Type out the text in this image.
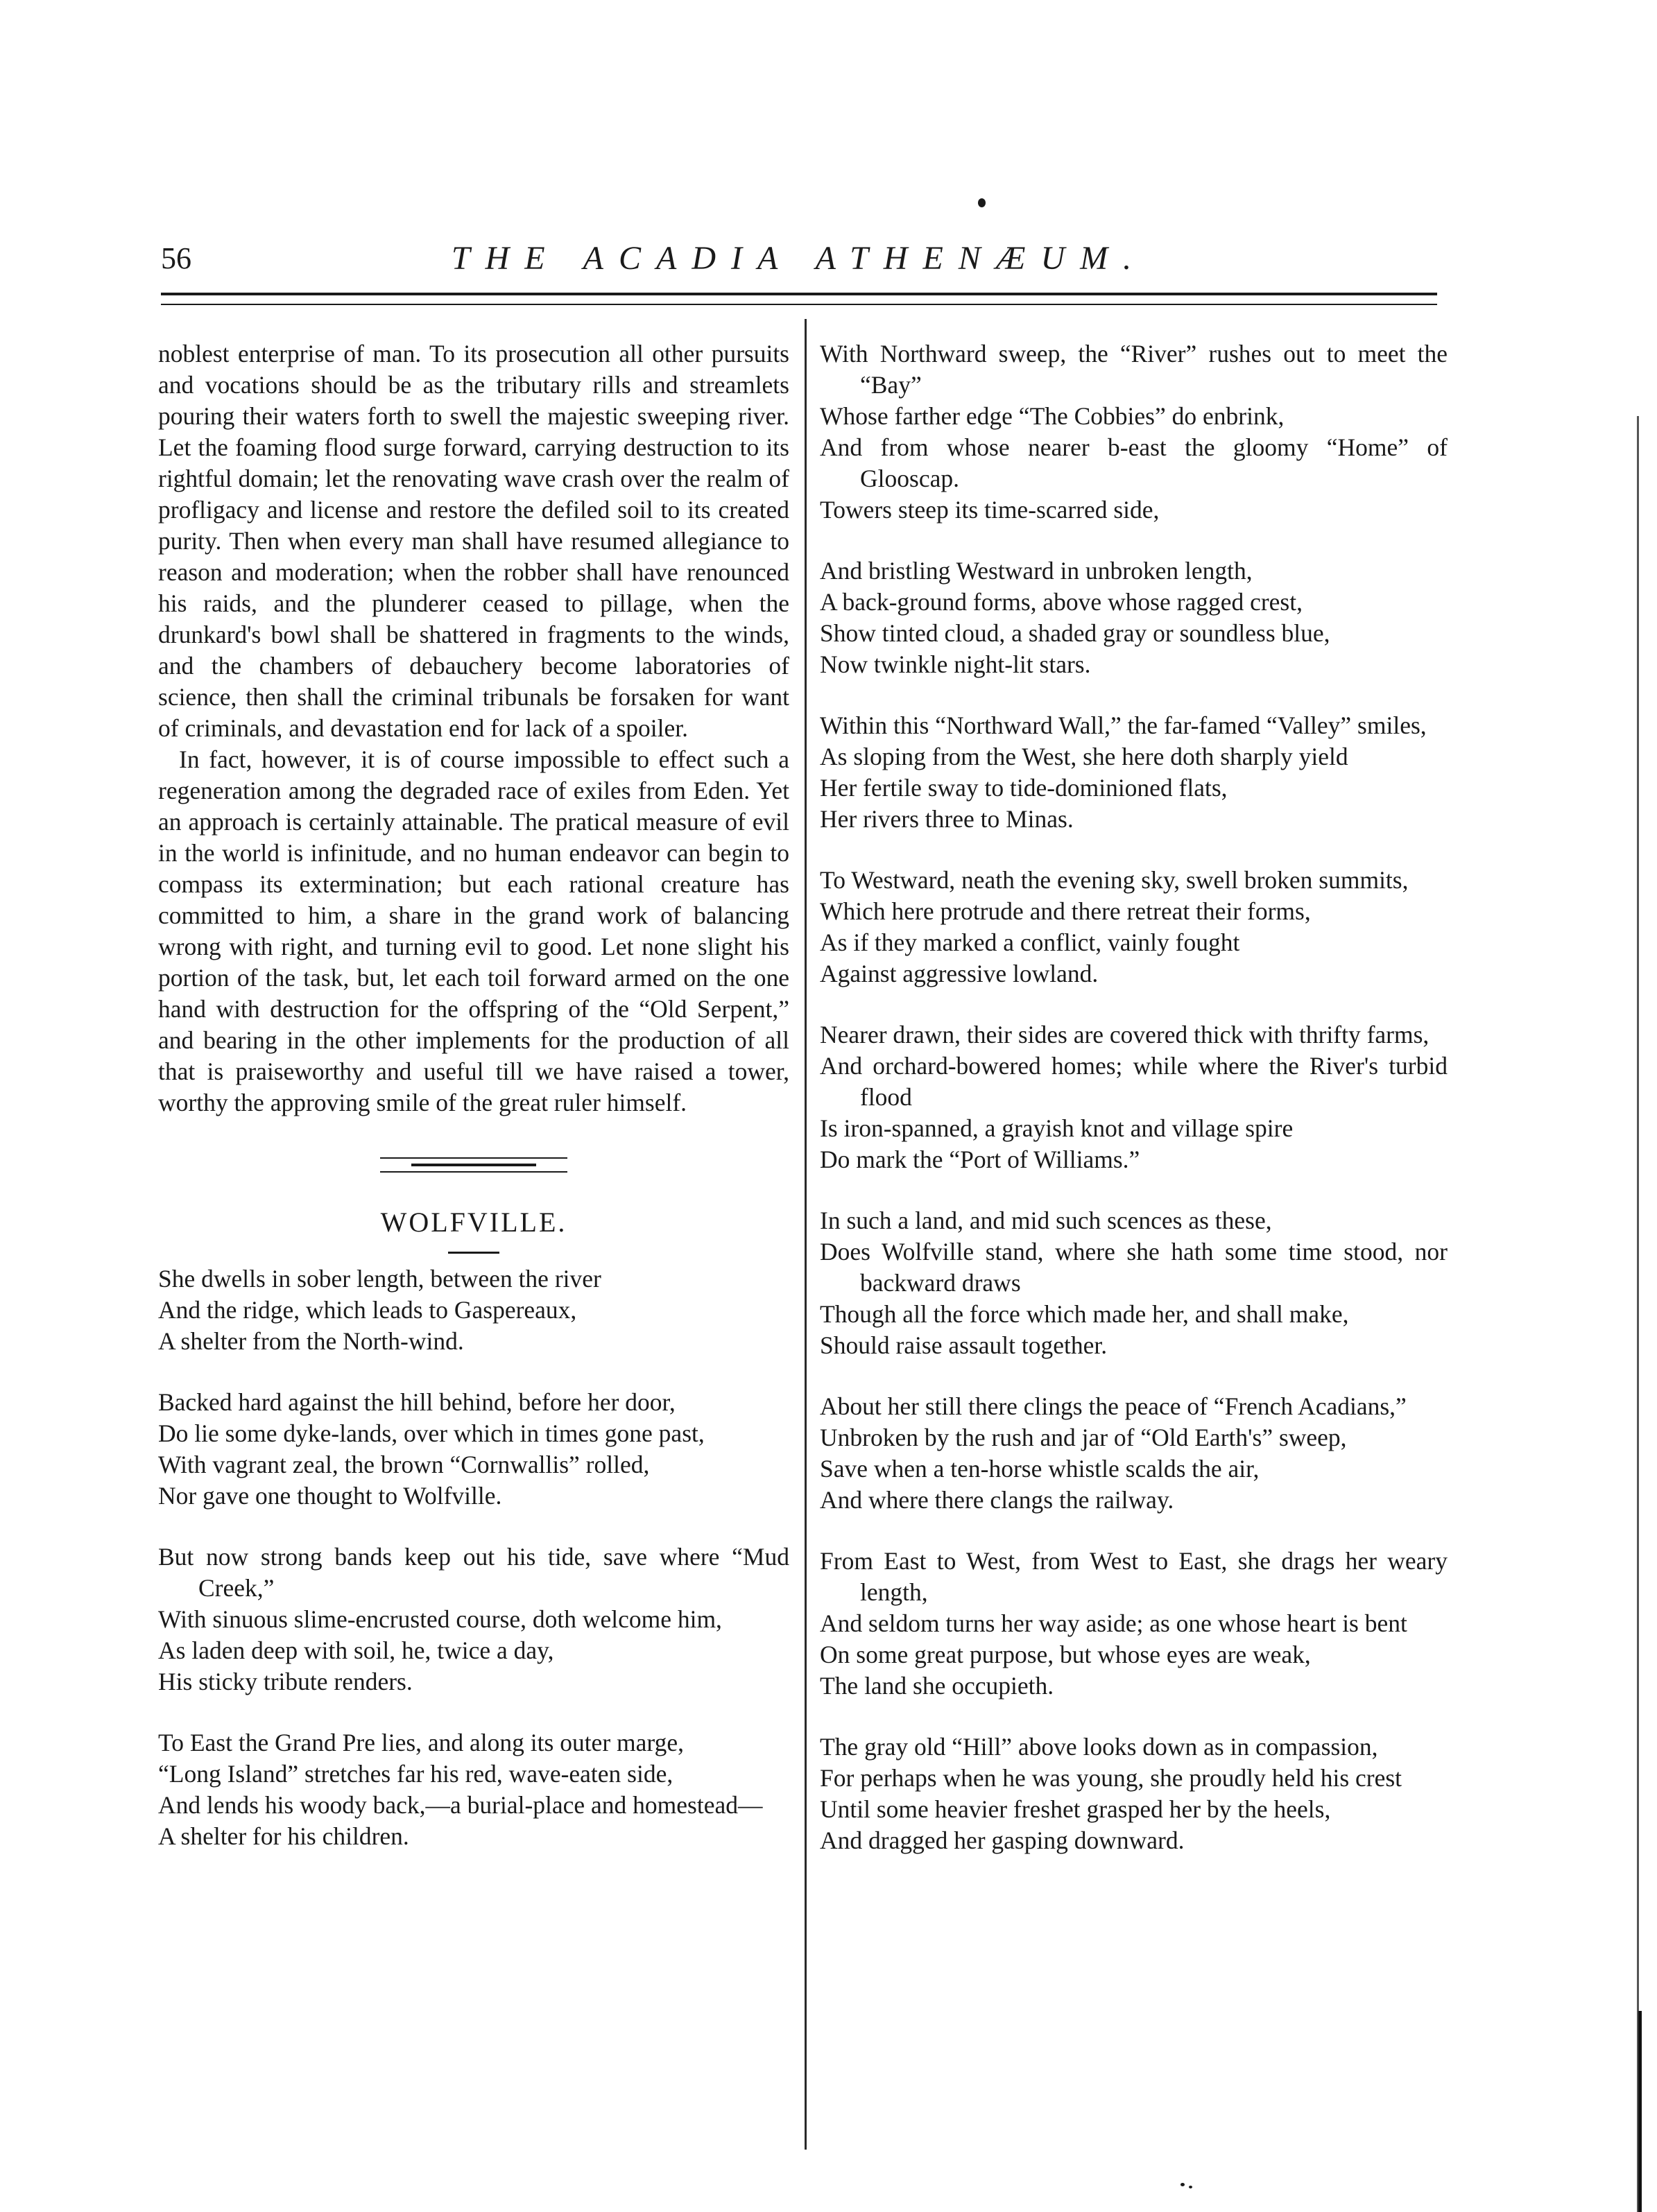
56	THE ACADIA ATHENÆUM.

noblest enterprise of man. To its prosecution all other pursuits and vocations should be as the tributary rills and streamlets pouring their waters forth to swell the majestic sweeping river. Let the foaming flood surge forward, carrying destruction to its rightful domain; let the renovating wave crash over the realm of profligacy and license and restore the defiled soil to its created purity. Then when every man shall have resumed allegiance to reason and moderation; when the robber shall have renounced his raids, and the plunderer ceased to pillage, when the drunkard's bowl shall be shattered in fragments to the winds, and the chambers of debauchery become laboratories of science, then shall the criminal tribunals be forsaken for want of criminals, and devastation end for lack of a spoiler.

In fact, however, it is of course impossible to effect such a regeneration among the degraded race of exiles from Eden. Yet an approach is certainly attainable. The pratical measure of evil in the world is infinitude, and no human endeavor can begin to compass its extermination; but each rational creature has committed to him, a share in the grand work of balancing wrong with right, and turning evil to good. Let none slight his portion of the task, but, let each toil forward armed on the one hand with destruction for the offspring of the “Old Serpent,” and bearing in the other implements for the production of all that is praiseworthy and useful till we have raised a tower, worthy the approving smile of the great ruler himself.

WOLFVILLE.
She dwells in sober length, between the river
And the ridge, which leads to Gaspereaux,
A shelter from the North-wind.
Backed hard against the hill behind, before her door,
Do lie some dyke-lands, over which in times gone past,
With vagrant zeal, the brown “Cornwallis” rolled,
Nor gave one thought to Wolfville.
But now strong bands keep out his tide, save where “Mud Creek,”
With sinuous slime-encrusted course, doth welcome him,
As laden deep with soil, he, twice a day,
His sticky tribute renders.
To East the Grand Pre lies, and along its outer marge,
“Long Island” stretches far his red, wave-eaten side,
And lends his woody back,—a burial-place and homestead—
A shelter for his children.
With Northward sweep, the “River” rushes out to meet the “Bay”
Whose farther edge “The Cobbies” do enbrink,
And from whose nearer b-east the gloomy “Home” of Glooscap.
Towers steep its time-scarred side,
And bristling Westward in unbroken length,
A back-ground forms, above whose ragged crest,
Show tinted cloud, a shaded gray or soundless blue,
Now twinkle night-lit stars.
Within this “Northward Wall,” the far-famed “Valley” smiles,
As sloping from the West, she here doth sharply yield
Her fertile sway to tide-dominioned flats,
Her rivers three to Minas.
To Westward, neath the evening sky, swell broken summits,
Which here protrude and there retreat their forms,
As if they marked a conflict, vainly fought
Against aggressive lowland.
Nearer drawn, their sides are covered thick with thrifty farms,
And orchard-bowered homes; while where the River's turbid flood
Is iron-spanned, a grayish knot and village spire
Do mark the “Port of Williams.”
In such a land, and mid such scences as these,
Does Wolfville stand, where she hath some time stood, nor backward draws
Though all the force which made her, and shall make,
Should raise assault together.
About her still there clings the peace of “French Acadians,”
Unbroken by the rush and jar of “Old Earth's” sweep,
Save when a ten-horse whistle scalds the air,
And where there clangs the railway.
From East to West, from West to East, she drags her weary length,
And seldom turns her way aside; as one whose heart is bent
On some great purpose, but whose eyes are weak,
The land she occupieth.
The gray old “Hill” above looks down as in compassion,
For perhaps when he was young, she proudly held his crest
Until some heavier freshet grasped her by the heels,
And dragged her gasping downward.
